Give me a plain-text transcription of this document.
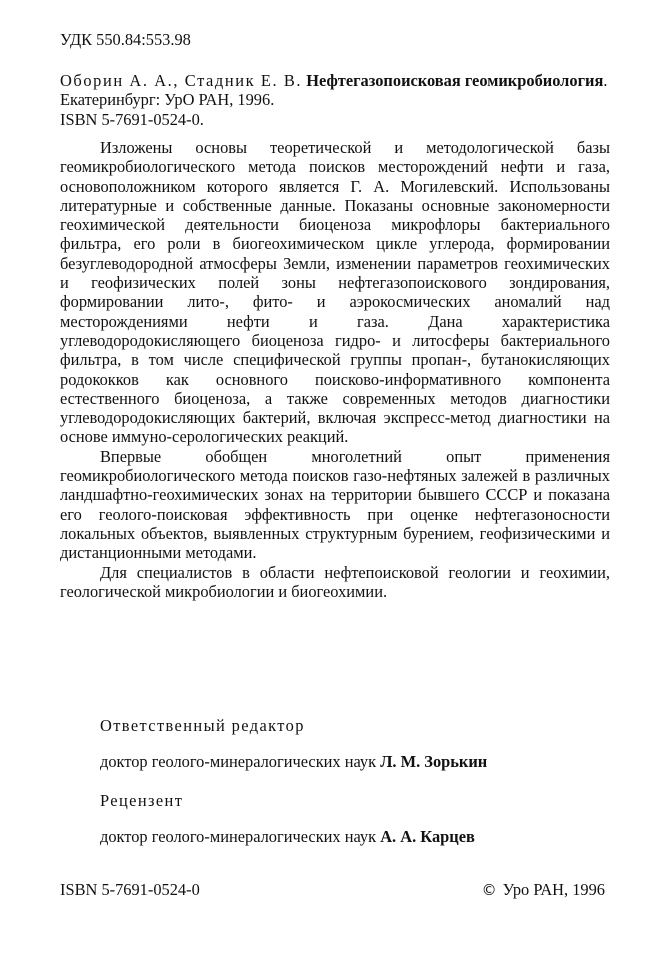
УДК 550.84:553.98
Оборин А. А., Стадник Е. В. Нефтегазопоисковая геомикробиология. Екатеринбург: УрО РАН, 1996.
ISBN 5-7691-0524-0.

Изложены основы теоретической и методологической базы геомикробиологического метода поисков месторождений нефти и газа, основоположником которого является Г. А. Могилевский. Использованы литературные и собственные данные. Показаны основные закономерности геохимической деятельности биоценоза микрофлоры бактериального фильтра, его роли в биогеохимическом цикле углерода, формировании безуглеводородной атмосферы Земли, изменении параметров геохимических и геофизических полей зоны нефтегазопоискового зондирования, формировании лито-, фито- и аэрокосмических аномалий над месторождениями нефти и газа. Дана характеристика углеводородокисляющего биоценоза гидро- и литосферы бактериального фильтра, в том числе специфической группы пропан-, бутанокисляющих родококков как основного поисково-информативного компонента естественного биоценоза, а также современных методов диагностики углеводородокисляющих бактерий, включая экспресс-метод диагностики на основе иммуно-серологических реакций.

Впервые обобщен многолетний опыт применения геомикробиологического метода поисков газо-нефтяных залежей в различных ландшафтно-геохимических зонах на территории бывшего СССР и показана его геолого-поисковая эффективность при оценке нефтегазоносности локальных объектов, выявленных структурным бурением, геофизическими и дистанционными методами.

Для специалистов в области нефтепоисковой геологии и геохимии, геологической микробиологии и биогеохимии.

Ответственный редактор
доктор геолого-минералогических наук Л. М. Зорькин
Рецензент
доктор геолого-минералогических наук А. А. Карцев
ISBN 5-7691-0524-0	© Уро РАН, 1996
